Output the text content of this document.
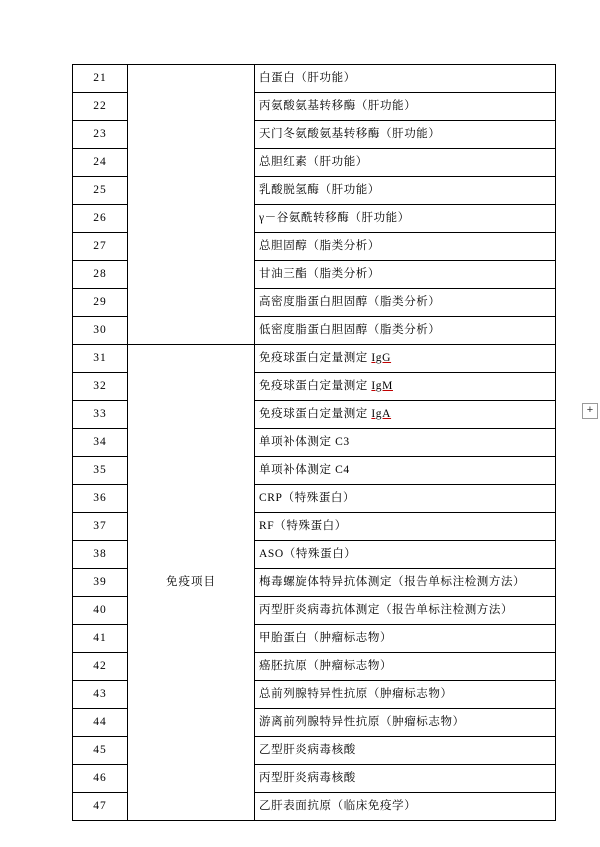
21		白蛋白（肝功能）
22		丙氨酸氨基转移酶（肝功能）
23		天门冬氨酸氨基转移酶（肝功能）
24		总胆红素（肝功能）
25		乳酸脱氢酶（肝功能）
26		γ－谷氨酰转移酶（肝功能）
27		总胆固醇（脂类分析）
28		甘油三酯（脂类分析）
29		高密度脂蛋白胆固醇（脂类分析）
30		低密度脂蛋白胆固醇（脂类分析）
31	免疫项目	免疫球蛋白定量测定 IgG
32		免疫球蛋白定量测定 IgM
33		免疫球蛋白定量测定 IgA
34		单项补体测定 C3
35		单项补体测定 C4
36		CRP（特殊蛋白）
37		RF（特殊蛋白）
38		ASO（特殊蛋白）
39		梅毒螺旋体特异抗体测定（报告单标注检测方法）
40		丙型肝炎病毒抗体测定（报告单标注检测方法）
41		甲胎蛋白（肿瘤标志物）
42		癌胚抗原（肿瘤标志物）
43		总前列腺特异性抗原（肿瘤标志物）
44		游离前列腺特异性抗原（肿瘤标志物）
45		乙型肝炎病毒核酸
46		丙型肝炎病毒核酸
47		乙肝表面抗原（临床免疫学）
+
